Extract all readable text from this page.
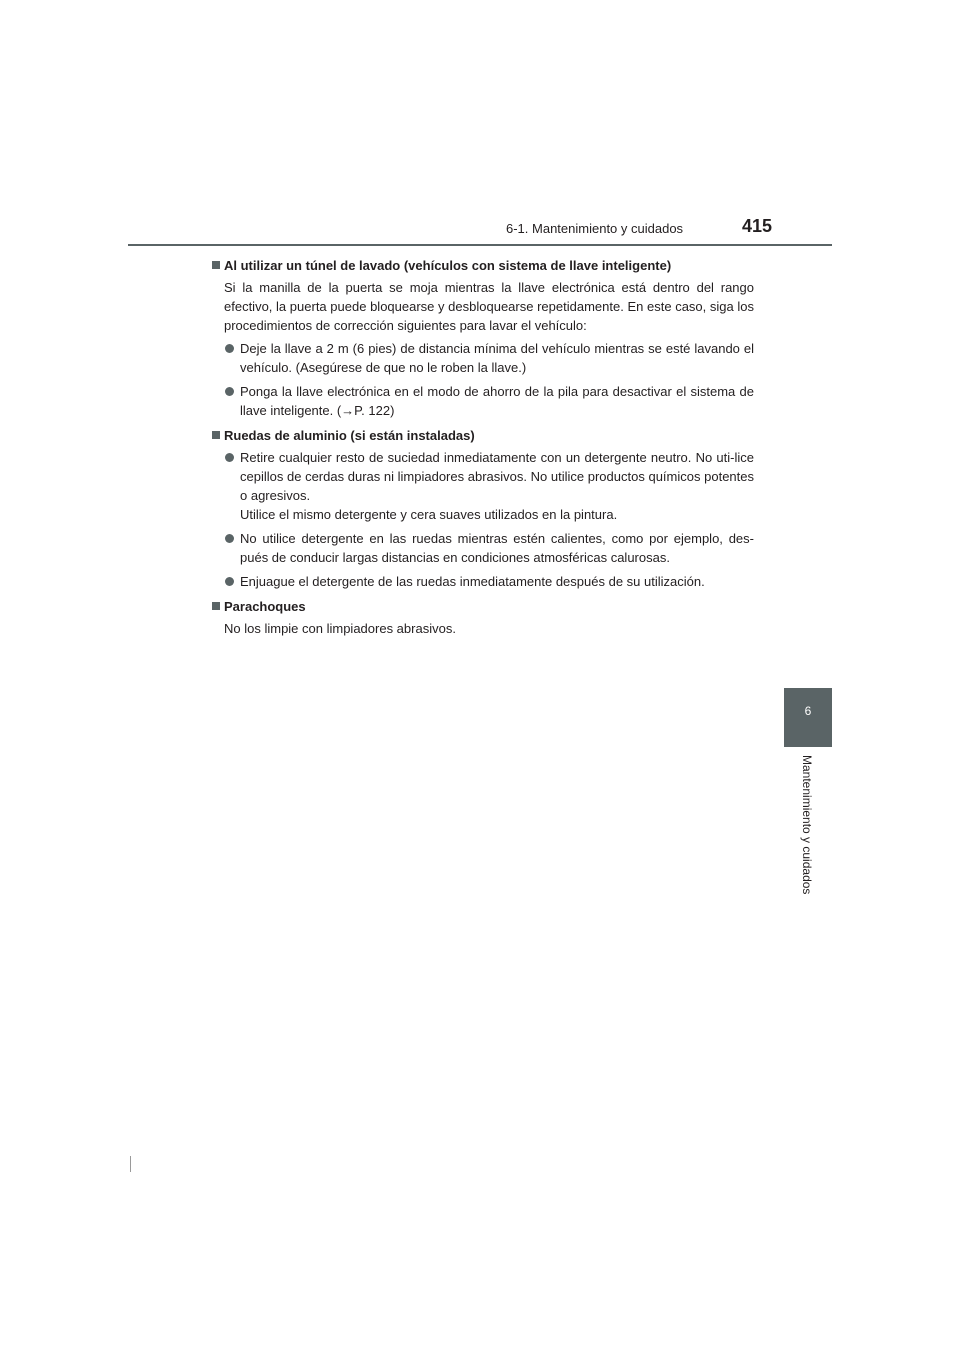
6-1. Mantenimiento y cuidados	415
6
Mantenimiento y cuidados
Al utilizar un túnel de lavado (vehículos con sistema de llave inteligente)
Si la manilla de la puerta se moja mientras la llave electrónica está dentro del rango efectivo, la puerta puede bloquearse y desbloquearse repetidamente. En este caso, siga los procedimientos de corrección siguientes para lavar el vehículo:
Deje la llave a 2 m (6 pies) de distancia mínima del vehículo mientras se esté lavando el vehículo. (Asegúrese de que no le roben la llave.)
Ponga la llave electrónica en el modo de ahorro de la pila para desactivar el sistema de llave inteligente. (→P. 122)
Ruedas de aluminio (si están instaladas)
Retire cualquier resto de suciedad inmediatamente con un detergente neutro. No uti-lice cepillos de cerdas duras ni limpiadores abrasivos. No utilice productos químicos potentes o agresivos.
Utilice el mismo detergente y cera suaves utilizados en la pintura.
No utilice detergente en las ruedas mientras estén calientes, como por ejemplo, des-pués de conducir largas distancias en condiciones atmosféricas calurosas.
Enjuague el detergente de las ruedas inmediatamente después de su utilización.
Parachoques
No los limpie con limpiadores abrasivos.
